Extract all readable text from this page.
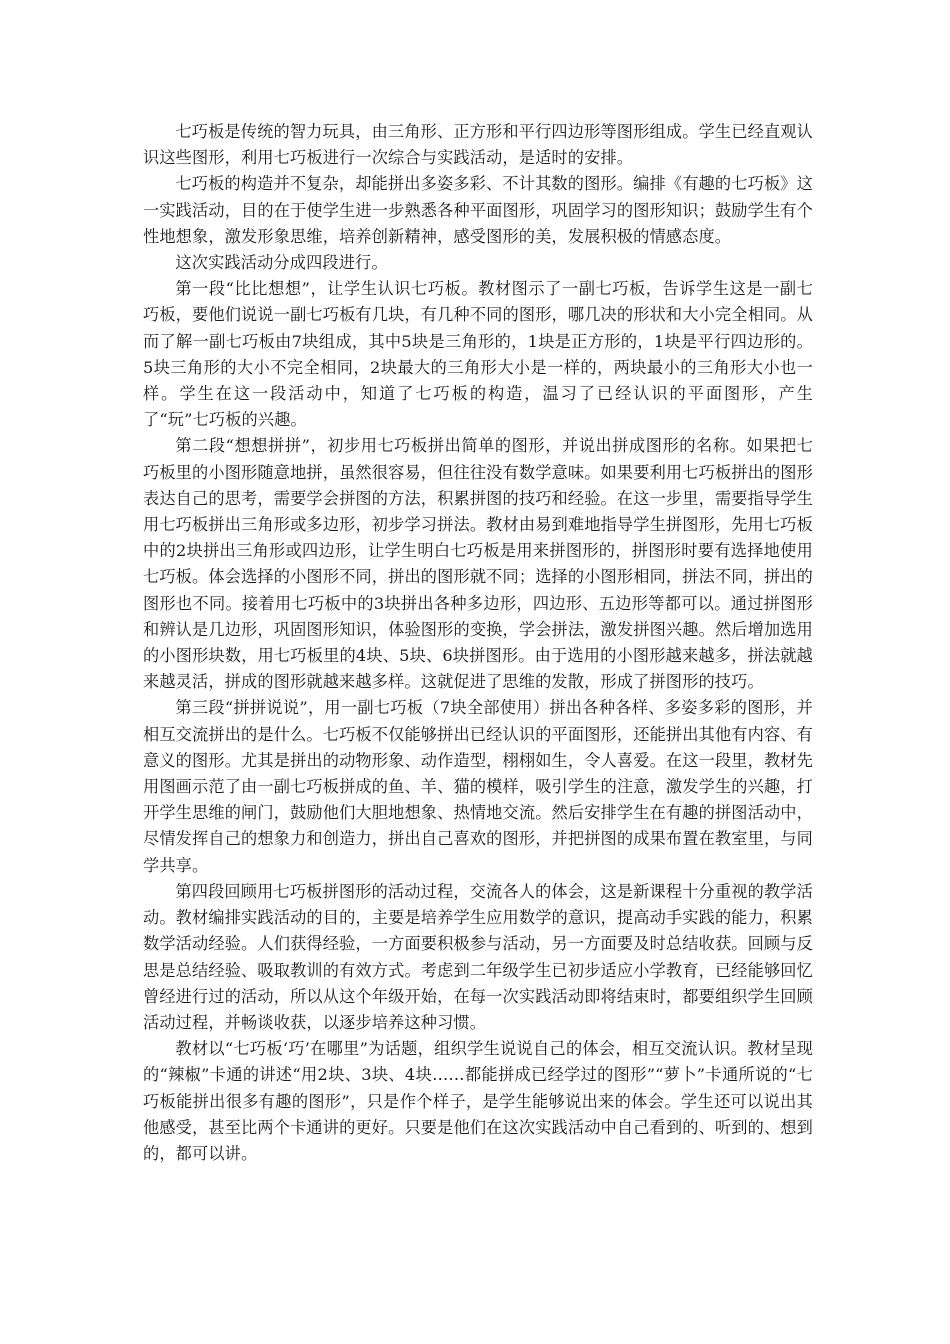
七巧板是传统的智力玩具，由三角形、正方形和平行四边形等图形组成。学生已经直观认识这些图形，利用七巧板进行一次综合与实践活动，是适时的安排。

七巧板的构造并不复杂，却能拼出多姿多彩、不计其数的图形。编排《有趣的七巧板》这一实践活动，目的在于使学生进一步熟悉各种平面图形，巩固学习的图形知识；鼓励学生有个性地想象，激发形象思维，培养创新精神，感受图形的美，发展积极的情感态度。

这次实践活动分成四段进行。

第一段“比比想想”，让学生认识七巧板。教材图示了一副七巧板，告诉学生这是一副七巧板，要他们说说一副七巧板有几块，有几种不同的图形，哪几决的形状和大小完全相同。从而了解一副七巧板由7块组成，其中5块是三角形的，1块是正方形的，1块是平行四边形的。5块三角形的大小不完全相同，2块最大的三角形大小是一样的，两块最小的三角形大小也一样。学生在这一段活动中，知道了七巧板的构造，温习了已经认识的平面图形，产生了“玩”七巧板的兴趣。

第二段“想想拼拼”，初步用七巧板拼出简单的图形，并说出拼成图形的名称。如果把七巧板里的小图形随意地拼，虽然很容易，但往往没有数学意味。如果要利用七巧板拼出的图形表达自己的思考，需要学会拼图的方法，积累拼图的技巧和经验。在这一步里，需要指导学生用七巧板拼出三角形或多边形，初步学习拼法。教材由易到难地指导学生拼图形，先用七巧板中的2块拼出三角形或四边形，让学生明白七巧板是用来拼图形的，拼图形时要有选择地使用七巧板。体会选择的小图形不同，拼出的图形就不同；选择的小图形相同，拼法不同，拼出的图形也不同。接着用七巧板中的3块拼出各种多边形，四边形、五边形等都可以。通过拼图形和辨认是几边形，巩固图形知识，体验图形的变换，学会拼法，激发拼图兴趣。然后增加选用的小图形块数，用七巧板里的4块、5块、6块拼图形。由于选用的小图形越来越多，拼法就越来越灵活，拼成的图形就越来越多样。这就促进了思维的发散，形成了拼图形的技巧。

第三段“拼拼说说”，用一副七巧板（7块全部使用）拼出各种各样、多姿多彩的图形，并相互交流拼出的是什么。七巧板不仅能够拼出已经认识的平面图形，还能拼出其他有内容、有意义的图形。尤其是拼出的动物形象、动作造型，栩栩如生，令人喜爱。在这一段里，教材先用图画示范了由一副七巧板拼成的鱼、羊、猫的模样，吸引学生的注意，激发学生的兴趣，打开学生思维的闸门，鼓励他们大胆地想象、热情地交流。然后安排学生在有趣的拼图活动中，尽情发挥自己的想象力和创造力，拼出自己喜欢的图形，并把拼图的成果布置在教室里，与同学共享。

第四段回顾用七巧板拼图形的活动过程，交流各人的体会，这是新课程十分重视的教学活动。教材编排实践活动的目的，主要是培养学生应用数学的意识，提高动手实践的能力，积累数学活动经验。人们获得经验，一方面要积极参与活动，另一方面要及时总结收获。回顾与反思是总结经验、吸取教训的有效方式。考虑到二年级学生已初步适应小学教育，已经能够回忆曾经进行过的活动，所以从这个年级开始，在每一次实践活动即将结束时，都要组织学生回顾活动过程，并畅谈收获，以逐步培养这种习惯。

教材以“七巧板‘巧’在哪里”为话题，组织学生说说自己的体会，相互交流认识。教材呈现的“辣椒”卡通的讲述“用2块、3块、4块……都能拼成已经学过的图形”“萝卜”卡通所说的“七巧板能拼出很多有趣的图形”，只是作个样子，是学生能够说出来的体会。学生还可以说出其他感受，甚至比两个卡通讲的更好。只要是他们在这次实践活动中自己看到的、听到的、想到的，都可以讲。
